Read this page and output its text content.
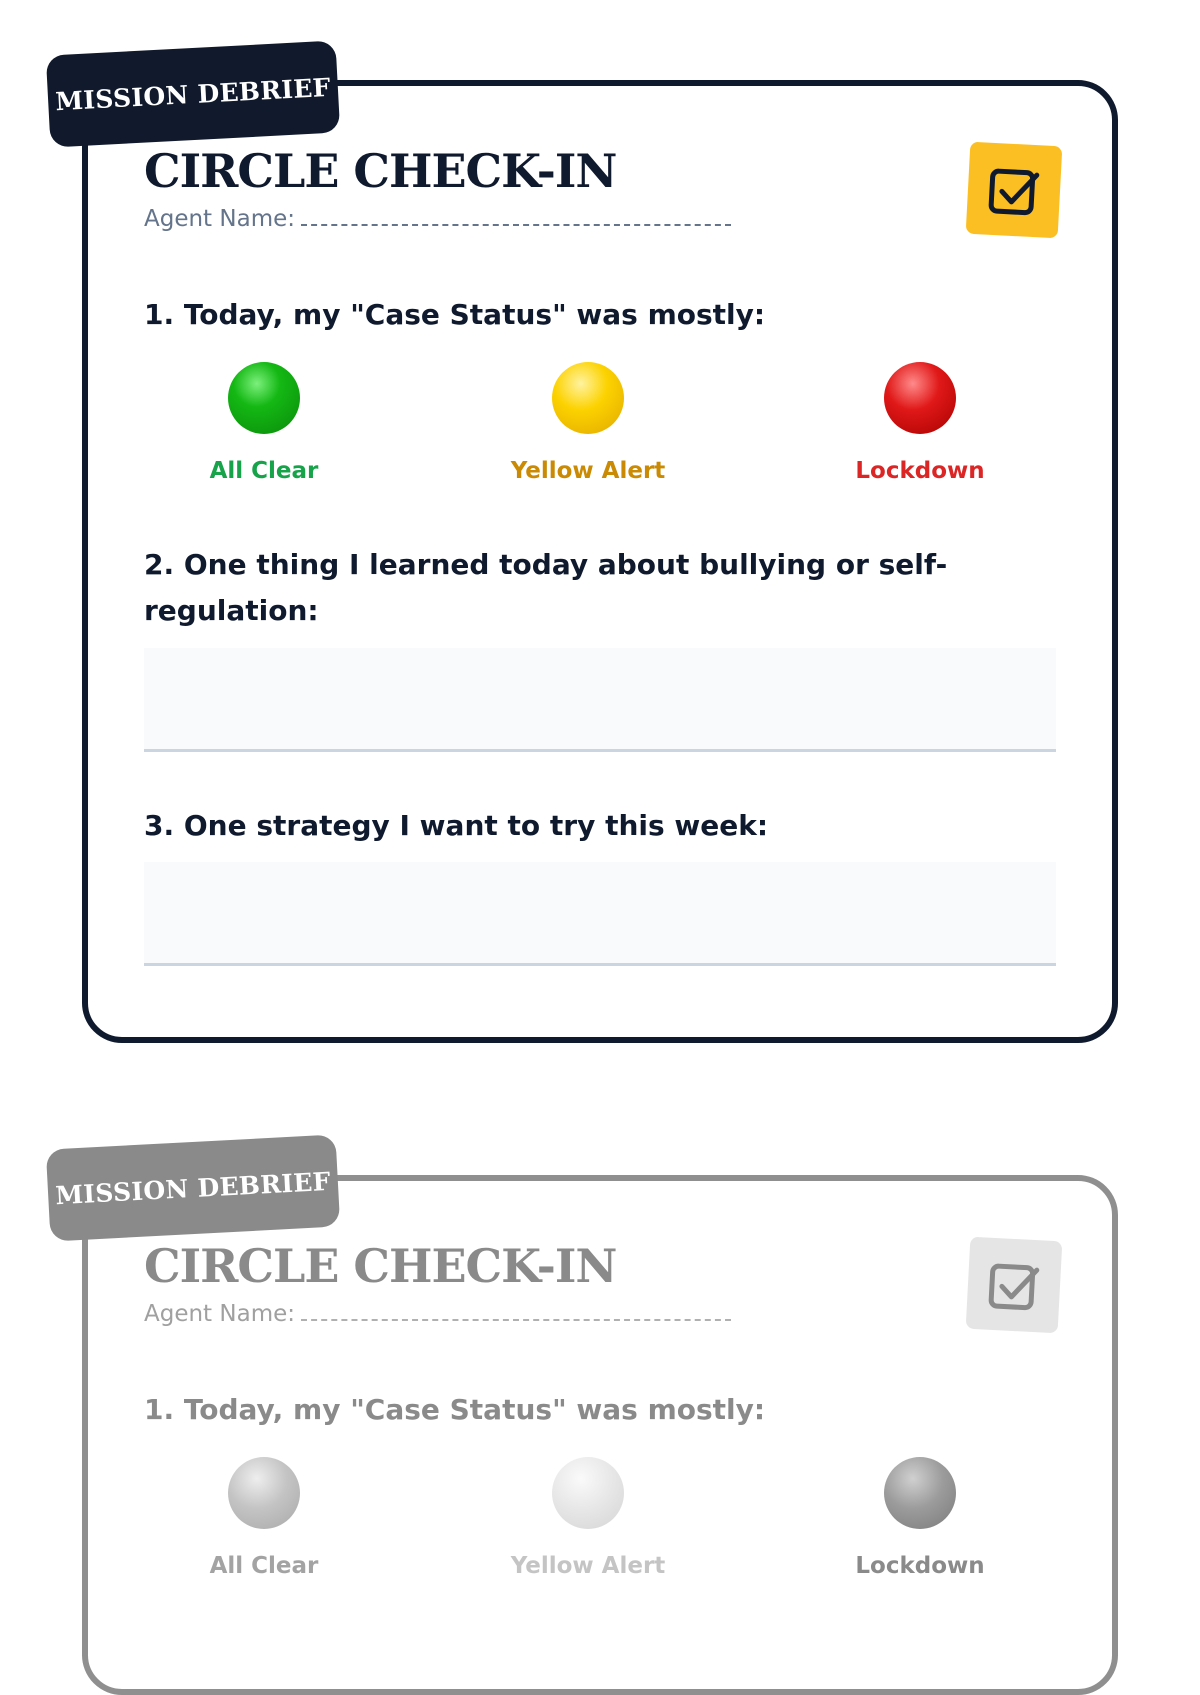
MISSION DEBRIEF
CIRCLE CHECK-IN
Agent Name:
1. Today, my "Case Status" was mostly:
All Clear	Yellow Alert	Lockdown
2. One thing I learned today about bullying or self-regulation:
3. One strategy I want to try this week:
MISSION DEBRIEF
CIRCLE CHECK-IN
Agent Name:
1. Today, my "Case Status" was mostly:
All Clear	Yellow Alert	Lockdown
